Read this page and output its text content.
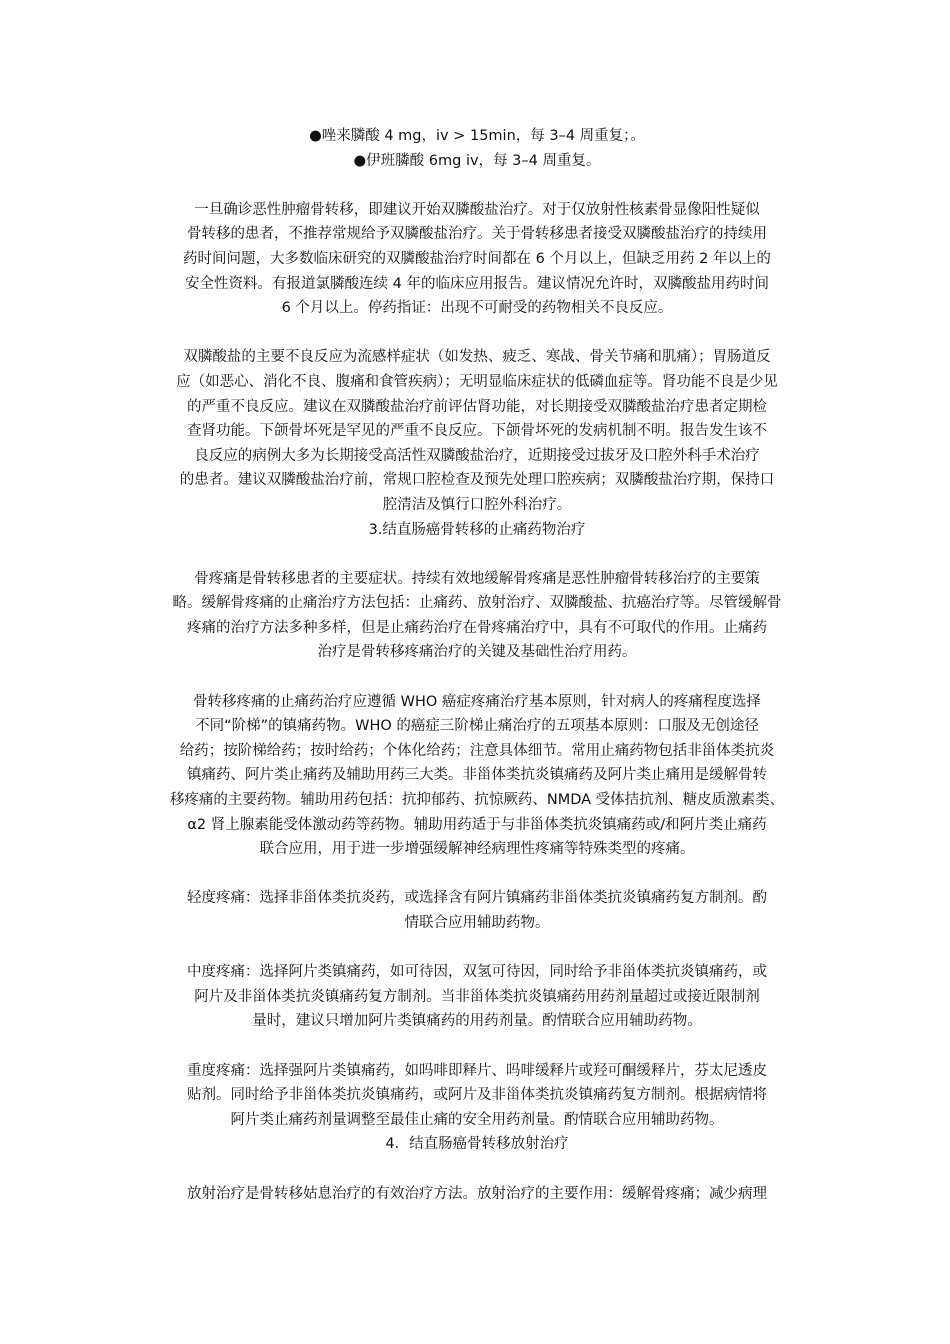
●唑来膦酸 4 mg，iv > 15min，每 3–4 周重复；。
●伊班膦酸 6mg iv，每 3–4 周重复。
一旦确诊恶性肿瘤骨转移，即建议开始双膦酸盐治疗。对于仅放射性核素骨显像阳性疑似
骨转移的患者，不推荐常规给予双膦酸盐治疗。关于骨转移患者接受双膦酸盐治疗的持续用
药时间问题，大多数临床研究的双膦酸盐治疗时间都在 6 个月以上，但缺乏用药 2 年以上的
安全性资料。有报道氯膦酸连续 4 年的临床应用报告。建议情况允许时，双膦酸盐用药时间
6 个月以上。停药指证：出现不可耐受的药物相关不良反应。
双膦酸盐的主要不良反应为流感样症状（如发热、疲乏、寒战、骨关节痛和肌痛）；胃肠道反
应（如恶心、消化不良、腹痛和食管疾病）；无明显临床症状的低磷血症等。肾功能不良是少见
的严重不良反应。建议在双膦酸盐治疗前评估肾功能，对长期接受双膦酸盐治疗患者定期检
查肾功能。下颌骨坏死是罕见的严重不良反应。下颌骨坏死的发病机制不明。报告发生该不
良反应的病例大多为长期接受高活性双膦酸盐治疗，近期接受过拔牙及口腔外科手术治疗
的患者。建议双膦酸盐治疗前，常规口腔检查及预先处理口腔疾病；双膦酸盐治疗期，保持口
腔清洁及慎行口腔外科治疗。
3.结直肠癌骨转移的止痛药物治疗
骨疼痛是骨转移患者的主要症状。持续有效地缓解骨疼痛是恶性肿瘤骨转移治疗的主要策
略。缓解骨疼痛的止痛治疗方法包括：止痛药、放射治疗、双膦酸盐、抗癌治疗等。尽管缓解骨
疼痛的治疗方法多种多样，但是止痛药治疗在骨疼痛治疗中，具有不可取代的作用。止痛药
治疗是骨转移疼痛治疗的关键及基础性治疗用药。
骨转移疼痛的止痛药治疗应遵循 WHO 癌症疼痛治疗基本原则，针对病人的疼痛程度选择
不同“阶梯”的镇痛药物。WHO 的癌症三阶梯止痛治疗的五项基本原则：口服及无创途径
给药；按阶梯给药；按时给药；个体化给药；注意具体细节。常用止痛药物包括非甾体类抗炎
镇痛药、阿片类止痛药及辅助用药三大类。非甾体类抗炎镇痛药及阿片类止痛用是缓解骨转
移疼痛的主要药物。辅助用药包括：抗抑郁药、抗惊厥药、NMDA 受体拮抗剂、糖皮质激素类、
α2 肾上腺素能受体激动药等药物。辅助用药适于与非甾体类抗炎镇痛药或/和阿片类止痛药
联合应用，用于进一步增强缓解神经病理性疼痛等特殊类型的疼痛。
轻度疼痛：选择非甾体类抗炎药，或选择含有阿片镇痛药非甾体类抗炎镇痛药复方制剂。酌
情联合应用辅助药物。
中度疼痛：选择阿片类镇痛药，如可待因，双氢可待因，同时给予非甾体类抗炎镇痛药，或
阿片及非甾体类抗炎镇痛药复方制剂。当非甾体类抗炎镇痛药用药剂量超过或接近限制剂
量时，建议只增加阿片类镇痛药的用药剂量。酌情联合应用辅助药物。
重度疼痛：选择强阿片类镇痛药，如吗啡即释片、吗啡缓释片或羟可酮缓释片，芬太尼透皮
贴剂。同时给予非甾体类抗炎镇痛药，或阿片及非甾体类抗炎镇痛药复方制剂。根据病情将
阿片类止痛药剂量调整至最佳止痛的安全用药剂量。酌情联合应用辅助药物。
4．结直肠癌骨转移放射治疗
放射治疗是骨转移姑息治疗的有效治疗方法。放射治疗的主要作用：缓解骨疼痛；减少病理
